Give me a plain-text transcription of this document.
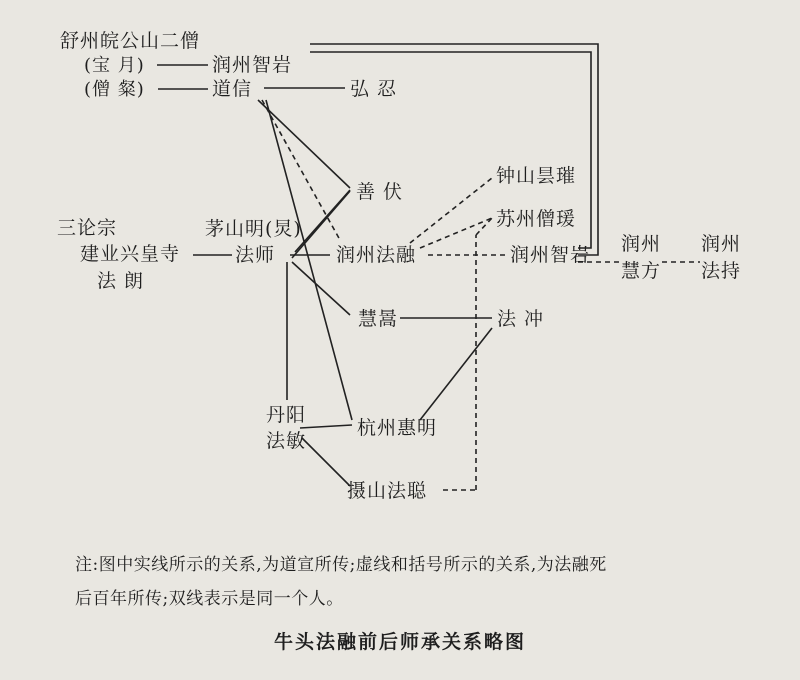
舒州皖公山二僧
(宝 月)
(僧 粲)
润州智岩
道信	弘 忍
善 伏
钟山昙璀
苏州僧瑗
三论宗
建业兴皇寺
法 朗
茅山明(炅)
法师	润州法融	润州智岩 润州
慧方
润州
法持
慧暠	法 冲
丹阳
法敏
杭州惠明
摄山法聪
注:图中实线所示的关系,为道宣所传;虚线和括号所示的关系,为法融死
后百年所传;双线表示是同一个人。
牛头法融前后师承关系略图
